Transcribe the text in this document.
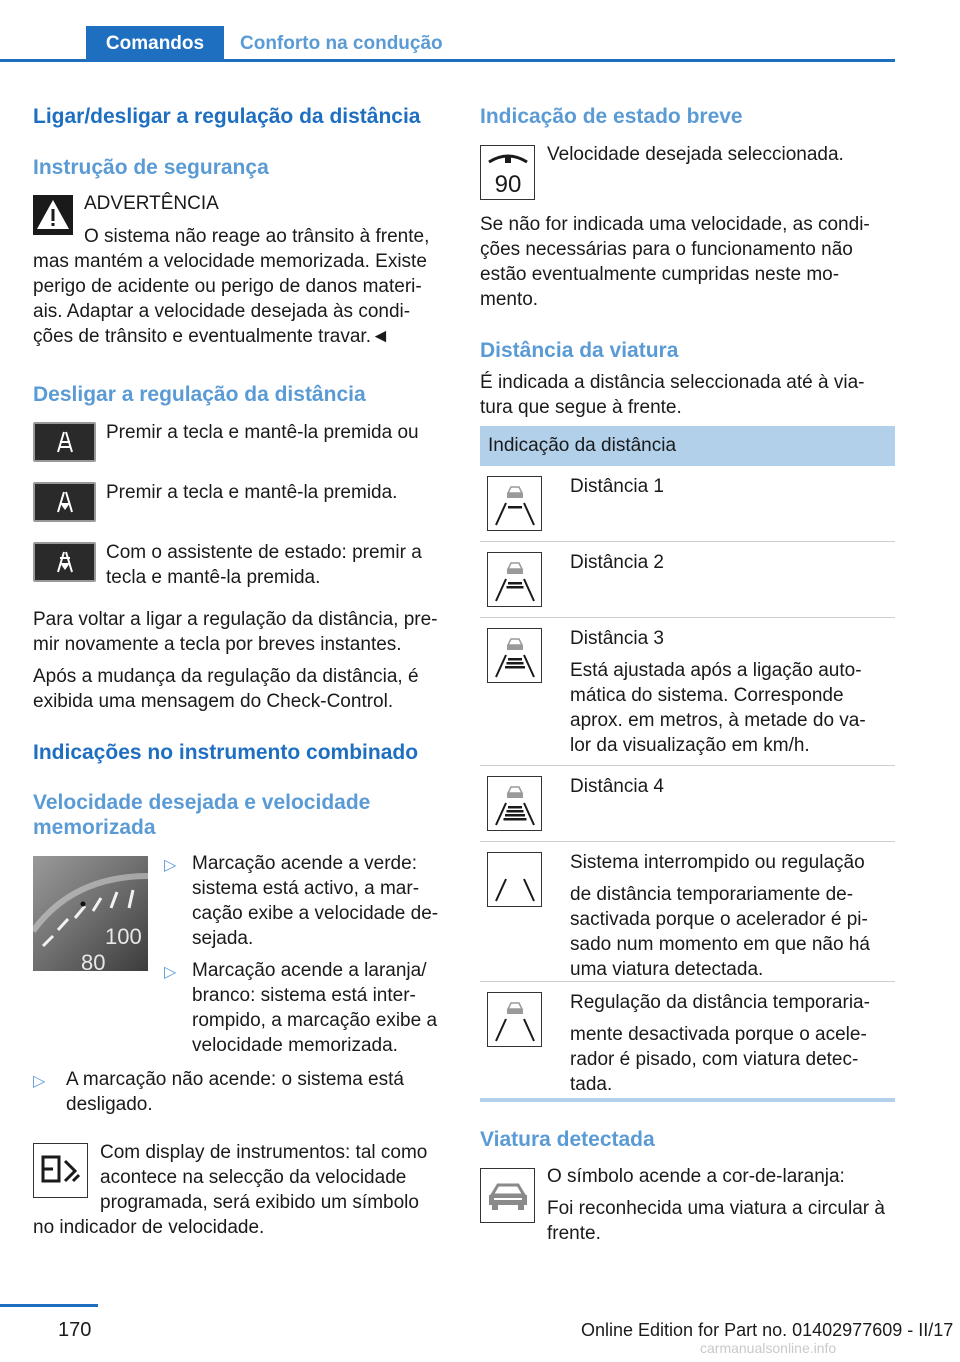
Comandos	Conforto na condução
Ligar/desligar a regulação da distância
Instrução de segurança
ADVERTÊNCIA
O sistema não reage ao trânsito à frente,
mas mantém a velocidade memorizada. Existe
perigo de acidente ou perigo de danos materi-
ais. Adaptar a velocidade desejada às condi-
ções de trânsito e eventualmente travar.◄
Desligar a regulação da distância
Premir a tecla e mantê-la premida ou
Premir a tecla e mantê-la premida.
Com o assistente de estado: premir a
tecla e mantê-la premida.
Para voltar a ligar a regulação da distância, pre-
mir novamente a tecla por breves instantes.
Após a mudança da regulação da distância, é
exibida uma mensagem do Check-Control.
Indicações no instrumento combinado
Velocidade desejada e velocidade
memorizada
100
80
▷ Marcação acende a verde:
sistema está activo, a mar-
cação exibe a velocidade de-
sejada.
▷ Marcação acende a laranja/
branco: sistema está inter-
rompido, a marcação exibe a
velocidade memorizada.
▷ A marcação não acende: o sistema está
desligado.
Com display de instrumentos: tal como
acontece na selecção da velocidade
programada, será exibido um símbolo
no indicador de velocidade.
Indicação de estado breve
90
Velocidade desejada seleccionada.
Se não for indicada uma velocidade, as condi-
ções necessárias para o funcionamento não
estão eventualmente cumpridas neste mo-
mento.
Distância da viatura
É indicada a distância seleccionada até à via-
tura que segue à frente.
Indicação da distância
Distância 1
Distância 2
Distância 3
Está ajustada após a ligação auto-
mática do sistema. Corresponde
aprox. em metros, à metade do va-
lor da visualização em km/h.
Distância 4
Sistema interrompido ou regulação
de distância temporariamente de-
sactivada porque o acelerador é pi-
sado num momento em que não há
uma viatura detectada.
Regulação da distância temporaria-
mente desactivada porque o acele-
rador é pisado, com viatura detec-
tada.
Viatura detectada
O símbolo acende a cor-de-laranja:
Foi reconhecida uma viatura a circular à
frente.
170	Online Edition for Part no. 01402977609 - II/17
carmanualsonline.info
